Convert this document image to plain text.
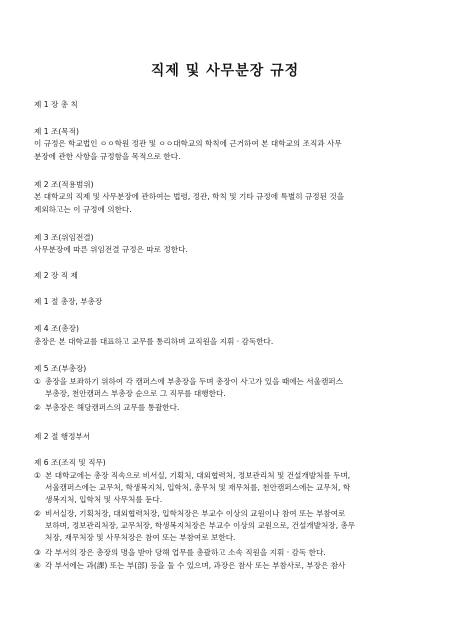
직제 및 사무분장 규정
제 1 장 총 칙
제 1 조(목적)
이 규정은 학교법인 ㅇㅇ학원 정관 및 ㅇㅇ대학교의 학칙에 근거하여 본 대학교의 조직과 사무
분장에 관한 사항을 규정함을 목적으로 한다.
제 2 조(적용범위)
본 대학교의 직제 및 사무분장에 관하여는 법령, 정관, 학칙 및 기타 규정에 특별히 규정된 것을
제외하고는 이 규정에 의한다.
제 3 조(위임전결)
사무분장에 따른 위임전결 규정은 따로 정한다.
제 2 장 직 제
제 1 절 총장, 부총장
제 4 조(총장)
총장은 본 대학교를 대표하고 교무를 통리하며 교직원을 지휘 · 감독한다.
제 5 조(부총장)
① 총장을 보좌하기 위하여 각 캠퍼스에 부총장을 두며 총장이 사고가 있을 때에는 서울캠퍼스
부총장, 천안캠퍼스 부총장 순으로 그 직무를 대행한다.
② 부총장은 해당캠퍼스의 교무를 통괄한다.
제 2 절 행정부서
제 6 조(조직 및 직무)
① 본 대학교에는 총장 직속으로 비서실, 기획처, 대외협력처, 정보관리처 및 건설개발처를 두며,
서울캠퍼스에는 교무처, 학생복지처, 입학처, 총무처 및 재무처를, 천안캠퍼스에는 교무처, 학
생복지처, 입학처 및 사무처를 둔다.
② 비서실장, 기획처장, 대외협력처장, 입학처장은 부교수 이상의 교원이나 참여 또는 부참여로
보하며, 정보관리처장, 교무처장, 학생복지처장은 부교수 이상의 교원으로, 건설개발처장, 총무
처장, 재무처장 및 사무처장은 참여 또는 부참여로 보한다.
③ 각 부서의 장은 총장의 명을 받아 당해 업무를 총괄하고 소속 직원을 지휘 · 감독 한다.
④ 각 부서에는 과(課) 또는 부(部) 등을 둘 수 있으며, 과장은 참사 또는 부참사로, 부장은 참사
